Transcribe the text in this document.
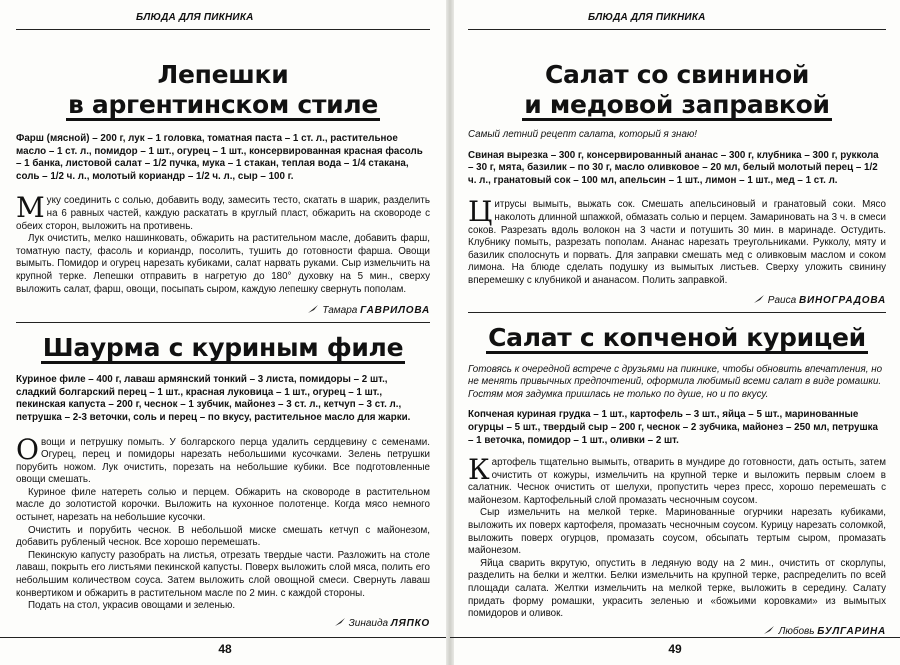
БЛЮДА ДЛЯ ПИКНИКА
Лепешки
в аргентинском стиле

Фарш (мясной) – 200 г, лук – 1 головка, томатная паста – 1 ст. л., растительное масло – 1 ст. л., помидор – 1 шт., огурец – 1 шт., консервированная красная фасоль – 1 банка, листовой салат – 1/2 пучка, мука – 1 стакан, теплая вода – 1/4 стакана, соль – 1/2 ч. л., молотый кориандр – 1/2 ч. л., сыр – 100 г.

Муку соединить с солью, добавить воду, замесить тесто, скатать в шарик, разделить на 6 равных частей, каждую раскатать в круглый пласт, обжарить на сковороде с обеих сторон, выложить на противень.

Лук очистить, мелко нашинковать, обжарить на растительном масле, добавить фарш, томатную пасту, фасоль и кориандр, посолить, тушить до готовности фарша. Овощи вымыть. Помидор и огурец нарезать кубиками, салат нарвать руками. Сыр измельчить на крупной терке. Лепешки отправить в нагретую до 180° духовку на 5 мин., сверху выложить салат, фарш, овощи, посыпать сыром, каждую лепешку свернуть пополам.

Тамара ГАВРИЛОВА

Шаурма с куриным филе

Куриное филе – 400 г, лаваш армянский тонкий – 3 листа, помидоры – 2 шт., сладкий болгарский перец – 1 шт., красная луковица – 1 шт., огурец – 1 шт., пекинская капуста – 200 г, чеснок – 1 зубчик, майонез – 3 ст. л., кетчуп – 3 ст. л., петрушка – 2-3 веточки, соль и перец – по вкусу, растительное масло для жарки.

Овощи и петрушку помыть. У болгарского перца удалить сердцевину с семенами. Огурец, перец и помидоры нарезать небольшими кусочками. Зелень петрушки порубить ножом. Лук очистить, порезать на небольшие кубики. Все подготовленные овощи смешать.

Куриное филе натереть солью и перцем. Обжарить на сковороде в растительном масле до золотистой корочки. Выложить на кухонное полотенце. Когда мясо немного остынет, нарезать на небольшие кусочки.

Очистить и порубить чеснок. В небольшой миске смешать кетчуп с майонезом, добавить рубленый чеснок. Все хорошо перемешать.

Пекинскую капусту разобрать на листья, отрезать твердые части. Разложить на столе лаваш, покрыть его листьями пекинской капусты. Поверх выложить слой мяса, полить его небольшим количеством соуса. Затем выложить слой овощной смеси. Свернуть лаваш конвертиком и обжарить в растительном масле по 2 мин. с каждой стороны.

Подать на стол, украсив овощами и зеленью.

Зинаида ЛЯПКО

48
БЛЮДА ДЛЯ ПИКНИКА
Салат со свининой
и медовой заправкой

Самый летний рецепт салата, который я знаю!

Свиная вырезка – 300 г, консервированный ананас – 300 г, клубника – 300 г, руккола – 30 г, мята, базилик – по 30 г, масло оливковое – 20 мл, белый молотый перец – 1/2 ч. л., гранатовый сок – 100 мл, апельсин – 1 шт., лимон – 1 шт., мед – 1 ст. л.

Цитрусы вымыть, выжать сок. Смешать апельсиновый и гранатовый соки. Мясо наколоть длинной шпажкой, обмазать солью и перцем. Замариновать на 3 ч. в смеси соков. Разрезать вдоль волокон на 3 части и потушить 30 мин. в маринаде. Остудить. Клубнику помыть, разрезать пополам. Ананас нарезать треугольниками. Рукколу, мяту и базилик сполоснуть и порвать. Для заправки смешать мед с оливковым маслом и соком лимона. На блюде сделать подушку из вымытых листьев. Сверху уложить свинину вперемешку с клубникой и ананасом. Полить заправкой.

Раиса ВИНОГРАДОВА

Салат с копченой курицей

Готовясь к очередной встрече с друзьями на пикнике, чтобы обновить впечатления, но не менять привычных предпочтений, оформила любимый всеми салат в виде ромашки. Гостям моя задумка пришлась не только по душе, но и по вкусу.

Копченая куриная грудка – 1 шт., картофель – 3 шт., яйца – 5 шт., маринованные огурцы – 5 шт., твердый сыр – 200 г, чеснок – 2 зубчика, майонез – 250 мл, петрушка – 1 веточка, помидор – 1 шт., оливки – 2 шт.

Картофель тщательно вымыть, отварить в мундире до готовности, дать остыть, затем очистить от кожуры, измельчить на крупной терке и выложить первым слоем в салатник. Чеснок очистить от шелухи, пропустить через пресс, хорошо перемешать с майонезом. Картофельный слой промазать чесночным соусом.

Сыр измельчить на мелкой терке. Маринованные огурчики нарезать кубиками, выложить их поверх картофеля, промазать чесночным соусом. Курицу нарезать соломкой, выложить поверх огурцов, промазать соусом, обсыпать тертым сыром, промазать майонезом.

Яйца сварить вкрутую, опустить в ледяную воду на 2 мин., очистить от скорлупы, разделить на белки и желтки. Белки измельчить на крупной терке, распределить по всей площади салата. Желтки измельчить на мелкой терке, выложить в середину. Салату придать форму ромашки, украсить зеленью и «божьими коровками» из вымытых помидоров и оливок.

Любовь БУЛГАРИНА

49
